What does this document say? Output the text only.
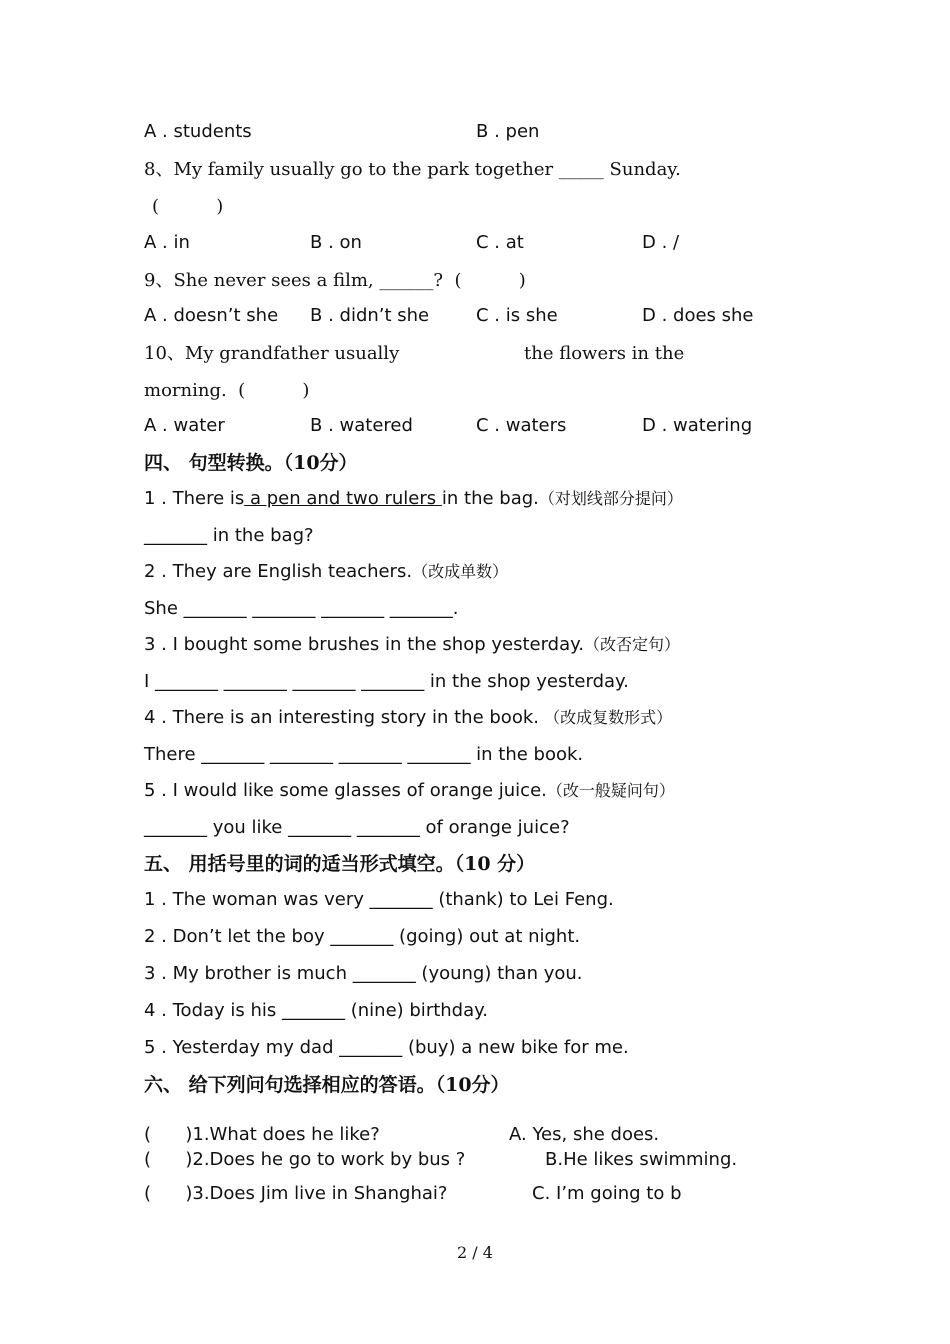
A . students	B . pen
8、My family usually go to the park together _____ Sunday.
(          )
A . in	B . on	C . at	D . /
9、She never sees a film, ______?  (          )
A . doesn’t she B . didn’t she	C . is she	D . does she
10、My grandfather usually	the flowers in the
morning.  (          )
A . water	B . watered	C . waters	D . watering
四、 句型转换。（10分）
1 . There is a pen and two rulers in the bag.（对划线部分提问）
_______ in the bag?
2 . They are English teachers.（改成单数）
She _______ _______ _______ _______.
3 . I bought some brushes in the shop yesterday.（改否定句）
I _______ _______ _______ _______ in the shop yesterday.
4 . There is an interesting story in the book. （改成复数形式）
There _______ _______ _______ _______ in the book.
5 . I would like some glasses of orange juice.（改一般疑问句）
_______ you like _______ _______ of orange juice?
五、 用括号里的词的适当形式填空。（10 分）
1 . The woman was very _______ (thank) to Lei Feng.
2 . Don’t let the boy _______ (going) out at night.
3 . My brother is much _______ (young) than you.
4 . Today is his _______ (nine) birthday.
5 . Yesterday my dad _______ (buy) a new bike for me.
六、 给下列问句选择相应的答语。（10分）
(      )1.What does he like?	A. Yes, she does.
(      )2.Does he go to work by bus ?	B.He likes swimming.
(      )3.Does Jim live in Shanghai?	C. I’m going to b
2 / 4
